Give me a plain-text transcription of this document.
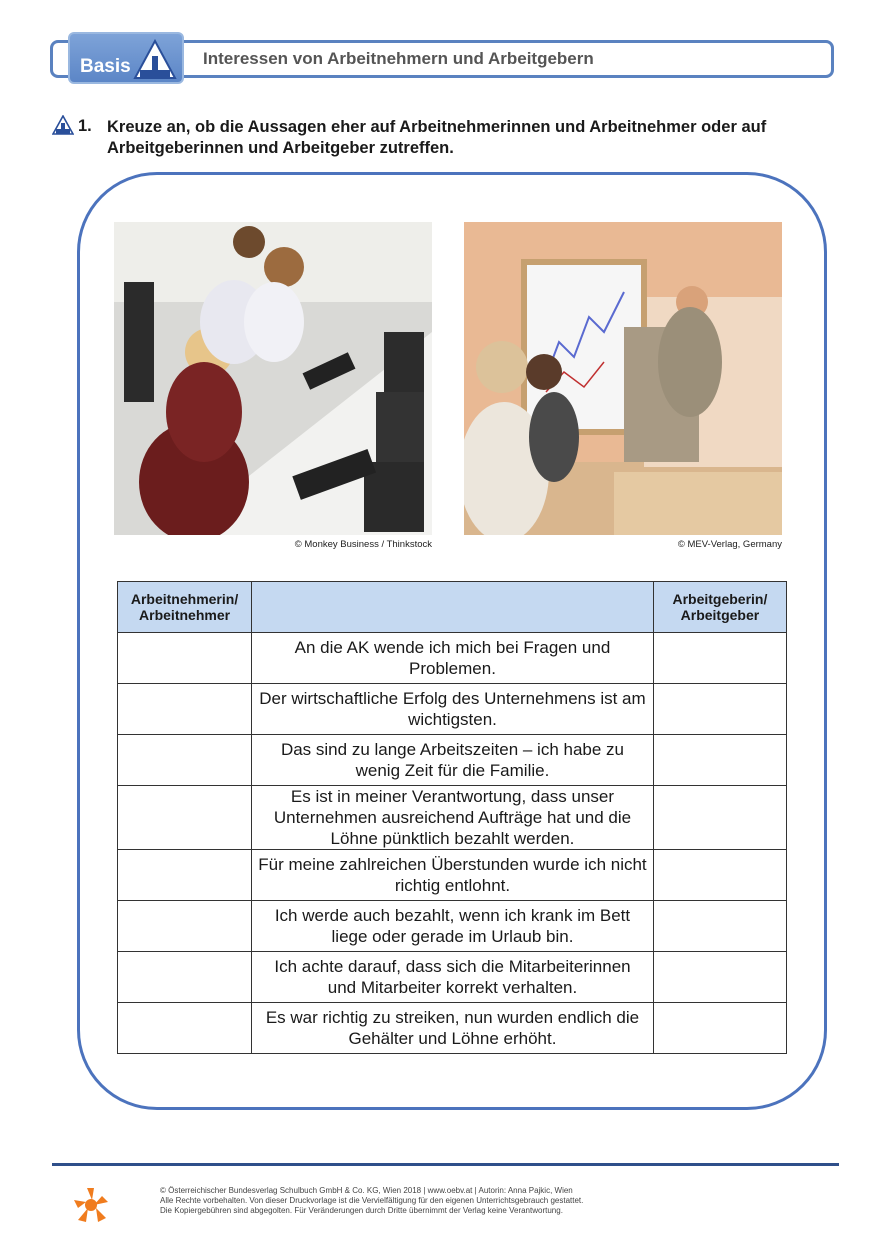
Basis	Interessen von Arbeitnehmern und Arbeitgebern
1. Kreuze an, ob die Aussagen eher auf Arbeitnehmerinnen und Arbeitnehmer oder auf Arbeitgeberinnen und Arbeitgeber zutreffen.
© Monkey Business / Thinkstock	© MEV-Verlag, Germany
Arbeitnehmerin/ Arbeitnehmer		Arbeitgeberin/ Arbeitgeber
	An die AK wende ich mich bei Fragen und Problemen.	
	Der wirtschaftliche Erfolg des Unternehmens ist am wichtigsten.	
	Das sind zu lange Arbeitszeiten – ich habe zu wenig Zeit für die Familie.	
	Es ist in meiner Verantwortung, dass unser Unternehmen ausreichend Aufträge hat und die Löhne pünktlich bezahlt werden.	
	Für meine zahlreichen Überstunden wurde ich nicht richtig entlohnt.	
	Ich werde auch bezahlt, wenn ich krank im Bett liege oder gerade im Urlaub bin.	
	Ich achte darauf, dass sich die Mitarbeiterinnen und Mitarbeiter korrekt verhalten.	
	Es war richtig zu streiken, nun wurden endlich die Gehälter und Löhne erhöht.	
© Österreichischer Bundesverlag Schulbuch GmbH & Co. KG, Wien 2018 | www.oebv.at | Autorin: Anna Pajkic, Wien
Alle Rechte vorbehalten. Von dieser Druckvorlage ist die Vervielfältigung für den eigenen Unterrichtsgebrauch gestattet.
Die Kopiergebühren sind abgegolten. Für Veränderungen durch Dritte übernimmt der Verlag keine Verantwortung.
